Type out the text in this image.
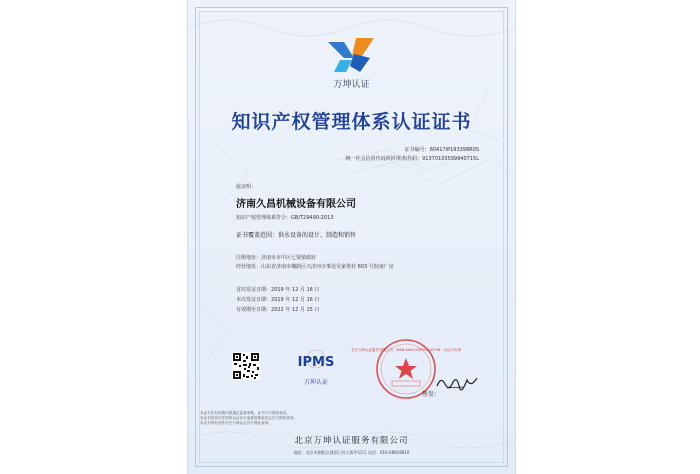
万坤认证
知识产权管理体系认证证书
证书编号：60417IP193398R0S
统一社会信用代码/组织机构代码：91370103599940715L
兹证明：
济南久昌机械设备有限公司
知识产权管理体系符合：GB/T29490-2013
证书覆盖范围：供水设备的设计、制造和销售
注册地址：济南市市中区七贤镇政府
经营地址：山东省济南市槐荫区兴济河办事处吴家堡村 603 号院南厂房
首次发证日期：2019 年 12 月 16 日
本次发证日期：2019 年 12 月 16 日
有效期至日期：2022 年 12 月 15 日
IPMS
万坤认证
北京万坤认证服务有限公司 · WAN KUN CERTIFICATION · 认证专用章
签发：
本证书在有效期内需通过监督审核，证书方可保持有效。
本证书信息可在国家认证认可监督管理委员会官方网站查询。
本证书的有效性可在万坤认证官方网站查询。
北京万坤认证服务有限公司
地址：北京市朝阳区建国门外大街甲12号 电话：010-68918910
